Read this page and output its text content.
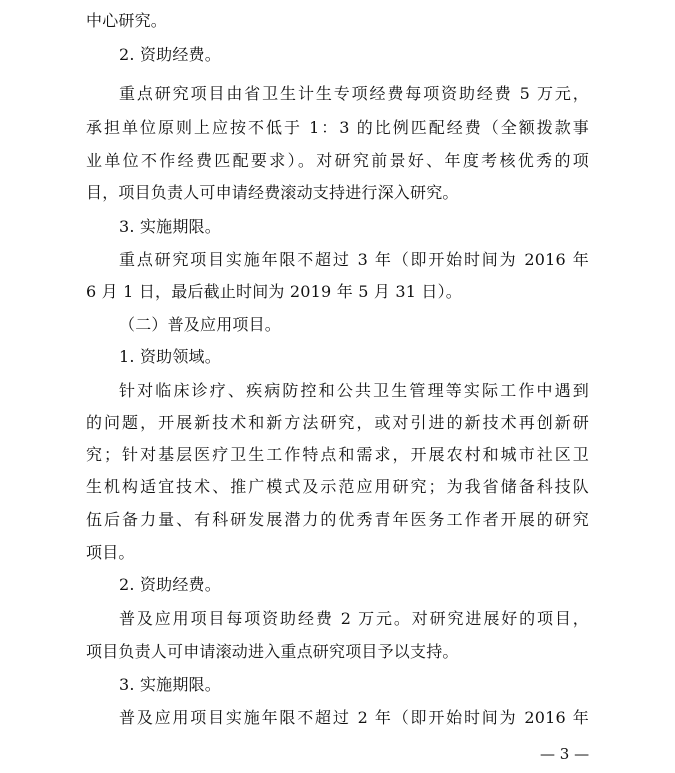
中心研究。
2. 资助经费。
重点研究项目由省卫生计生专项经费每项资助经费 5 万元，
承担单位原则上应按不低于 1：3 的比例匹配经费（全额拨款事
业单位不作经费匹配要求）。对研究前景好、年度考核优秀的项
目，项目负责人可申请经费滚动支持进行深入研究。
3. 实施期限。
重点研究项目实施年限不超过 3 年（即开始时间为 2016 年
6 月 1 日，最后截止时间为 2019 年 5 月 31 日）。
（二）普及应用项目。
1. 资助领域。
针对临床诊疗、疾病防控和公共卫生管理等实际工作中遇到
的问题，开展新技术和新方法研究，或对引进的新技术再创新研
究；针对基层医疗卫生工作特点和需求，开展农村和城市社区卫
生机构适宜技术、推广模式及示范应用研究；为我省储备科技队
伍后备力量、有科研发展潜力的优秀青年医务工作者开展的研究
项目。
2. 资助经费。
普及应用项目每项资助经费 2 万元。对研究进展好的项目，
项目负责人可申请滚动进入重点研究项目予以支持。
3. 实施期限。
普及应用项目实施年限不超过 2 年（即开始时间为 2016 年
— 3 —
